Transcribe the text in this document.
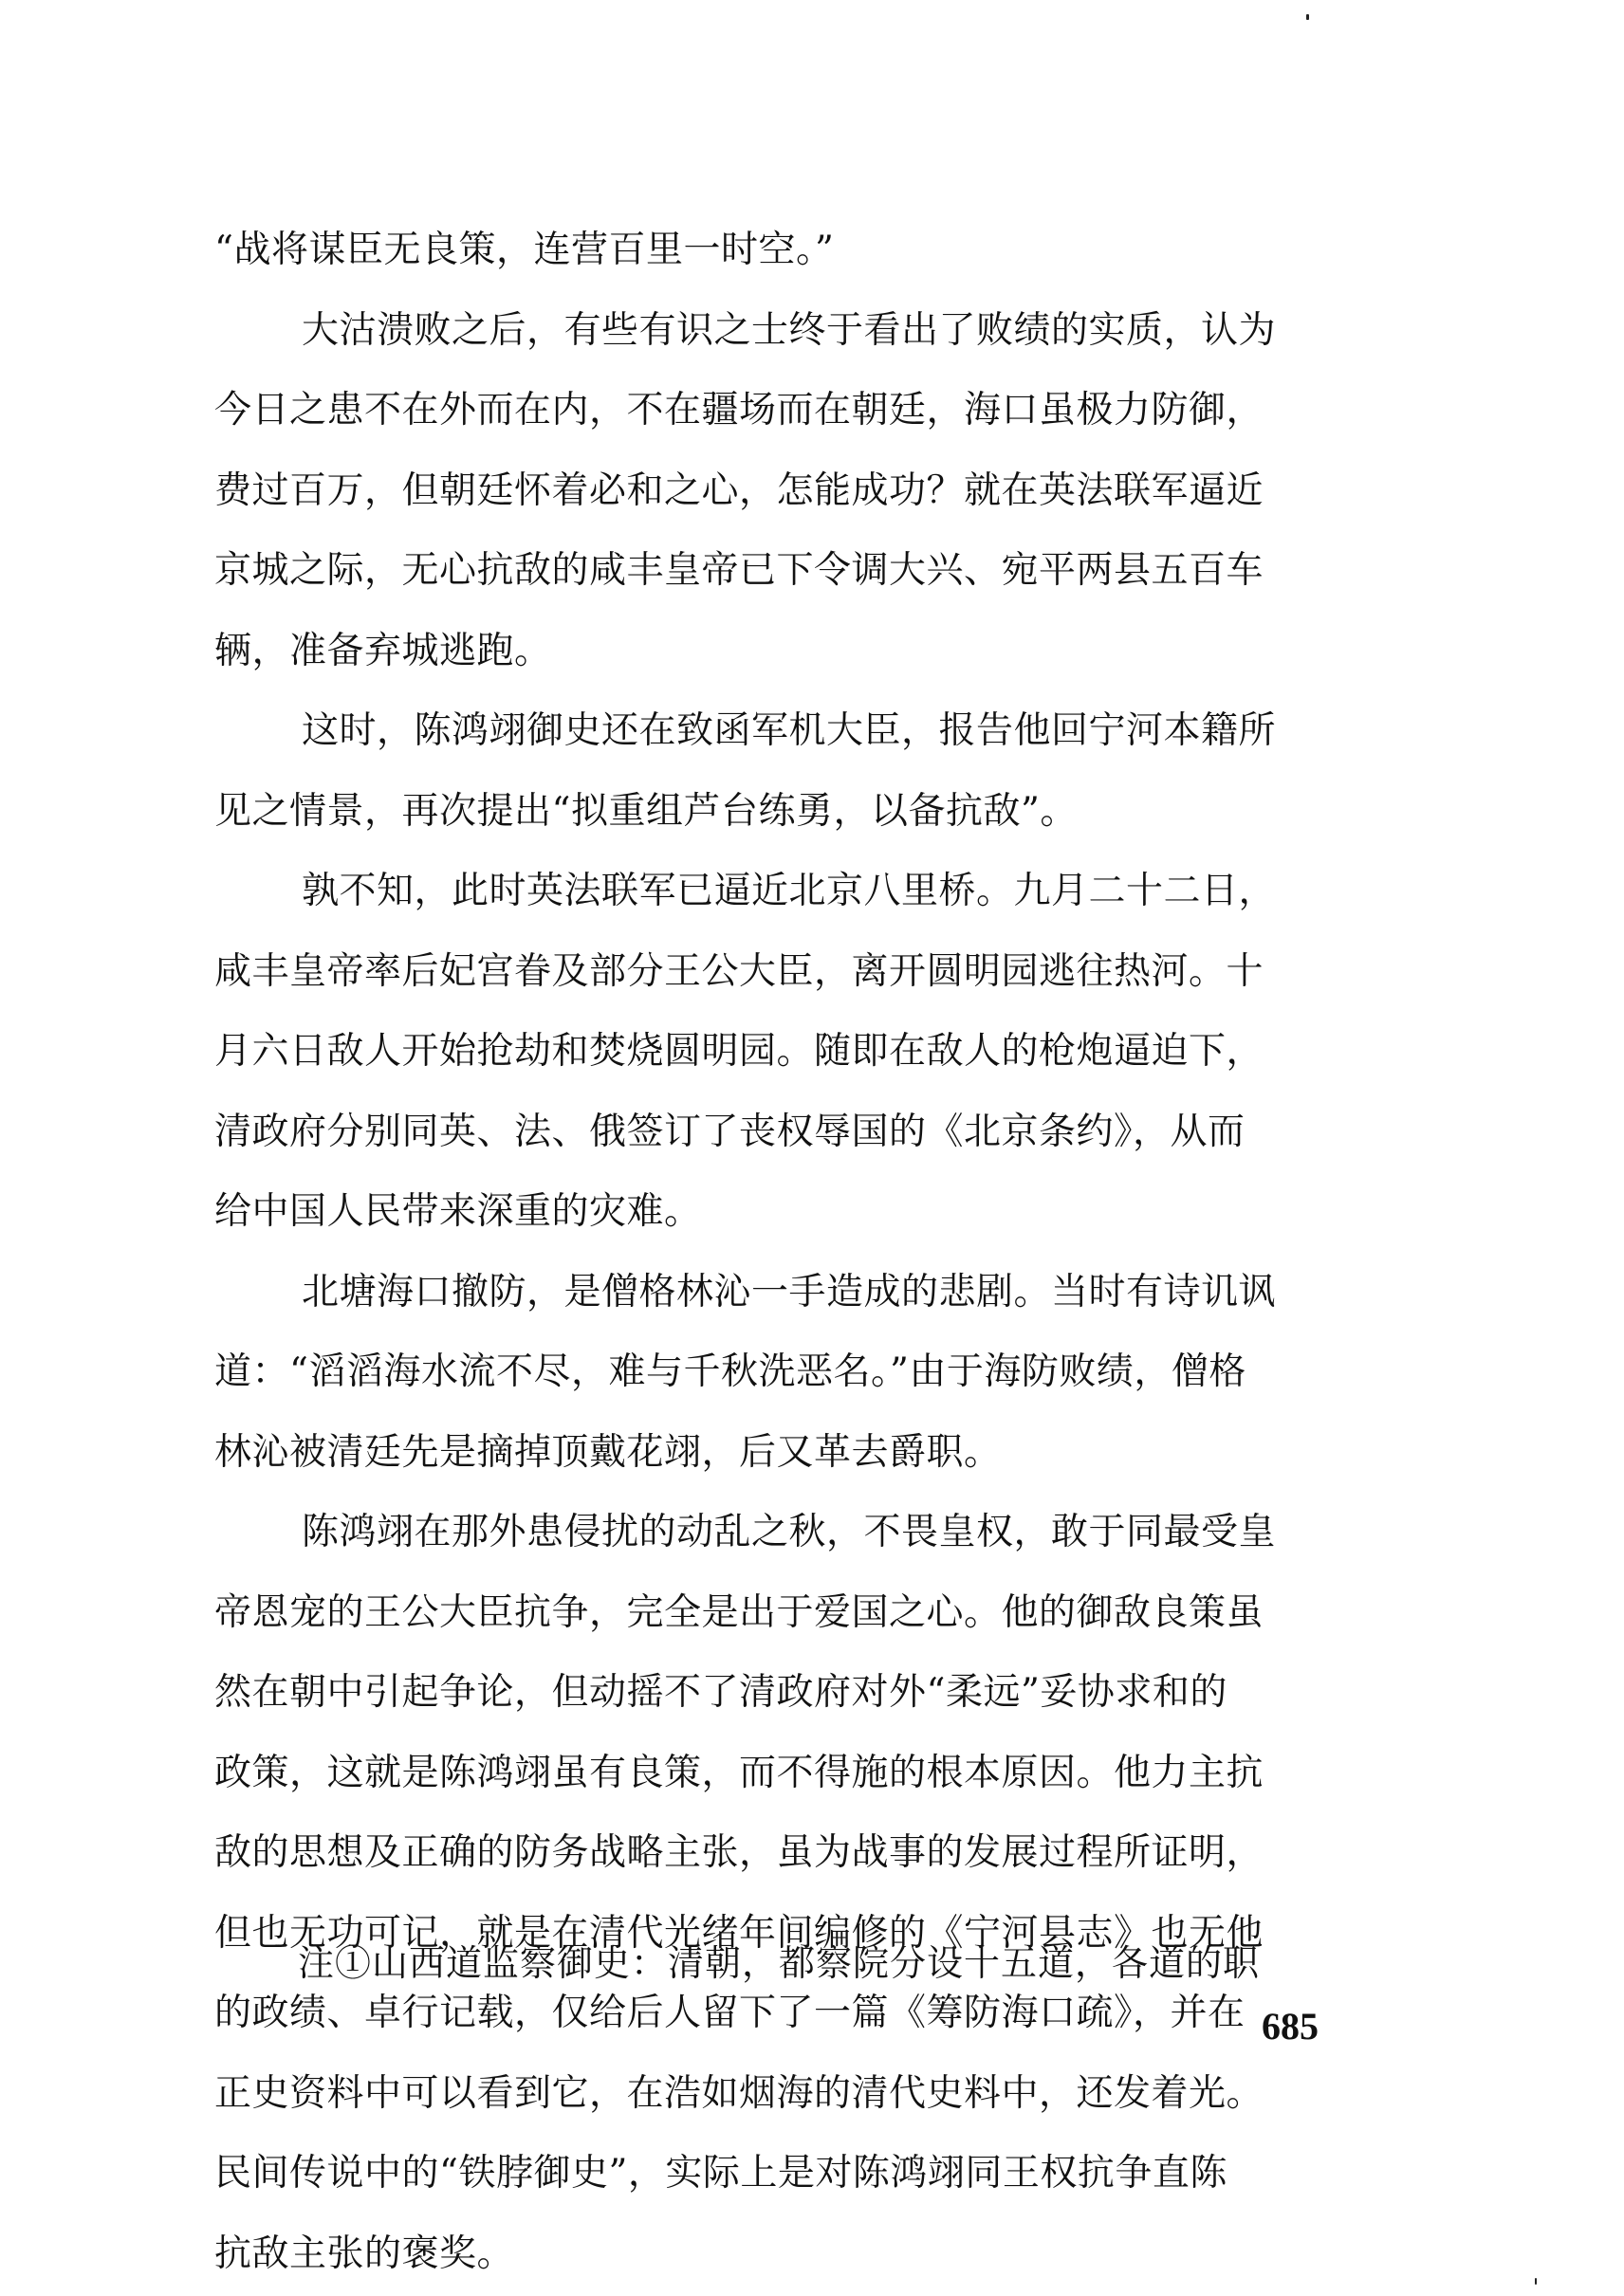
“战将谋臣无良策，连营百里一时空。”
大沽溃败之后，有些有识之士终于看出了败绩的实质，认为
今日之患不在外而在内，不在疆场而在朝廷，海口虽极力防御，
费过百万，但朝廷怀着必和之心，怎能成功？就在英法联军逼近
京城之际，无心抗敌的咸丰皇帝已下令调大兴、宛平两县五百车
辆，准备弃城逃跑。
这时，陈鸿翊御史还在致函军机大臣，报告他回宁河本籍所
见之情景，再次提出“拟重组芦台练勇，以备抗敌”。
孰不知，此时英法联军已逼近北京八里桥。九月二十二日，
咸丰皇帝率后妃宫眷及部分王公大臣，离开圆明园逃往热河。十
月六日敌人开始抢劫和焚烧圆明园。随即在敌人的枪炮逼迫下，
清政府分别同英、法、俄签订了丧权辱国的《北京条约》，从而
给中国人民带来深重的灾难。
北塘海口撤防，是僧格林沁一手造成的悲剧。当时有诗讥讽
道：“滔滔海水流不尽，难与千秋洗恶名。”由于海防败绩，僧格
林沁被清廷先是摘掉顶戴花翊，后又革去爵职。
陈鸿翊在那外患侵扰的动乱之秋，不畏皇权，敢于同最受皇
帝恩宠的王公大臣抗争，完全是出于爱国之心。他的御敌良策虽
然在朝中引起争论，但动摇不了清政府对外“柔远”妥协求和的
政策，这就是陈鸿翊虽有良策，而不得施的根本原因。他力主抗
敌的思想及正确的防务战略主张，虽为战事的发展过程所证明，
但也无功可记，就是在清代光绪年间编修的《宁河县志》也无他
的政绩、卓行记载，仅给后人留下了一篇《筹防海口疏》，并在
正史资料中可以看到它，在浩如烟海的清代史料中，还发着光。
民间传说中的“铁脖御史”，实际上是对陈鸿翊同王权抗争直陈
抗敌主张的褒奖。
注①山西道监察御史：清朝，都察院分设十五道，各道的职
685
